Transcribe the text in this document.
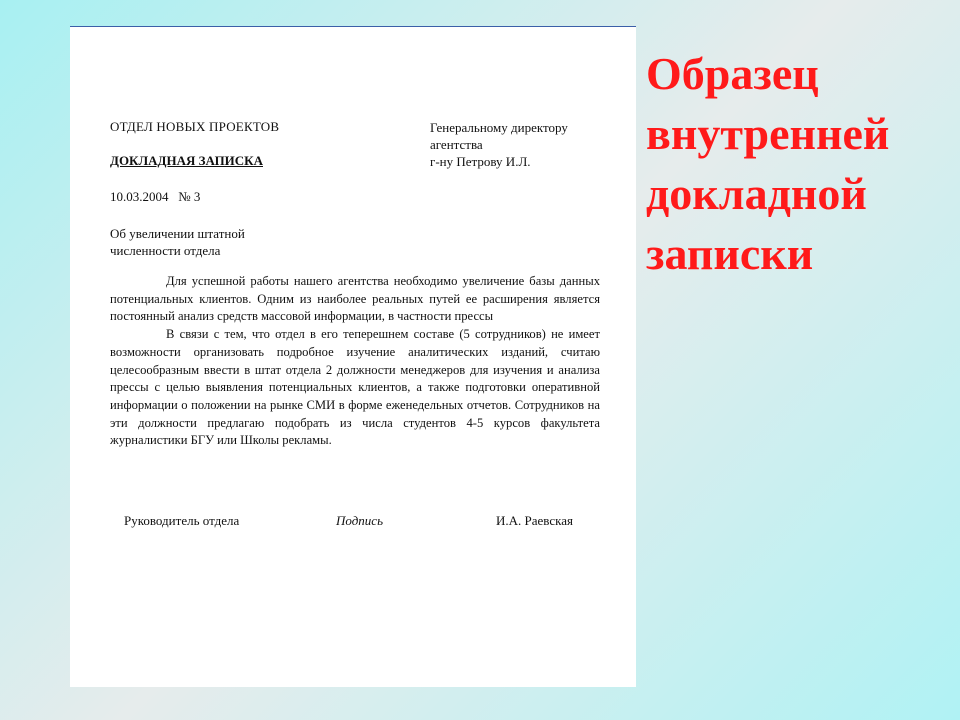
ОТДЕЛ НОВЫХ ПРОЕКТОВ
ДОКЛАДНАЯ ЗАПИСКА
10.03.2004   № 3
Генеральному директору
агентства
г-ну Петрову И.Л.
Об увеличении штатной
численности отдела

Для успешной работы нашего агентства необходимо увеличение базы данных потенциальных клиентов. Одним из наиболее реальных путей ее расширения является постоянный анализ средств массовой информации, в частности прессы

В связи с тем, что отдел в его теперешнем составе (5 сотрудников) не имеет возможности организовать подробное изучение аналитических изданий, считаю целесообразным ввести в штат отдела 2 должности менеджеров для изучения и анализа прессы с целью выявления потенциальных клиентов, а также подготовки оперативной информации о положении на рынке СМИ в форме еженедельных отчетов. Сотрудников на эти должности предлагаю подобрать из числа студентов 4-5 курсов факультета журналистики БГУ или Школы рекламы.

Руководитель отдела	Подпись	И.А. Раевская
Образец
внутренней
докладной
записки
